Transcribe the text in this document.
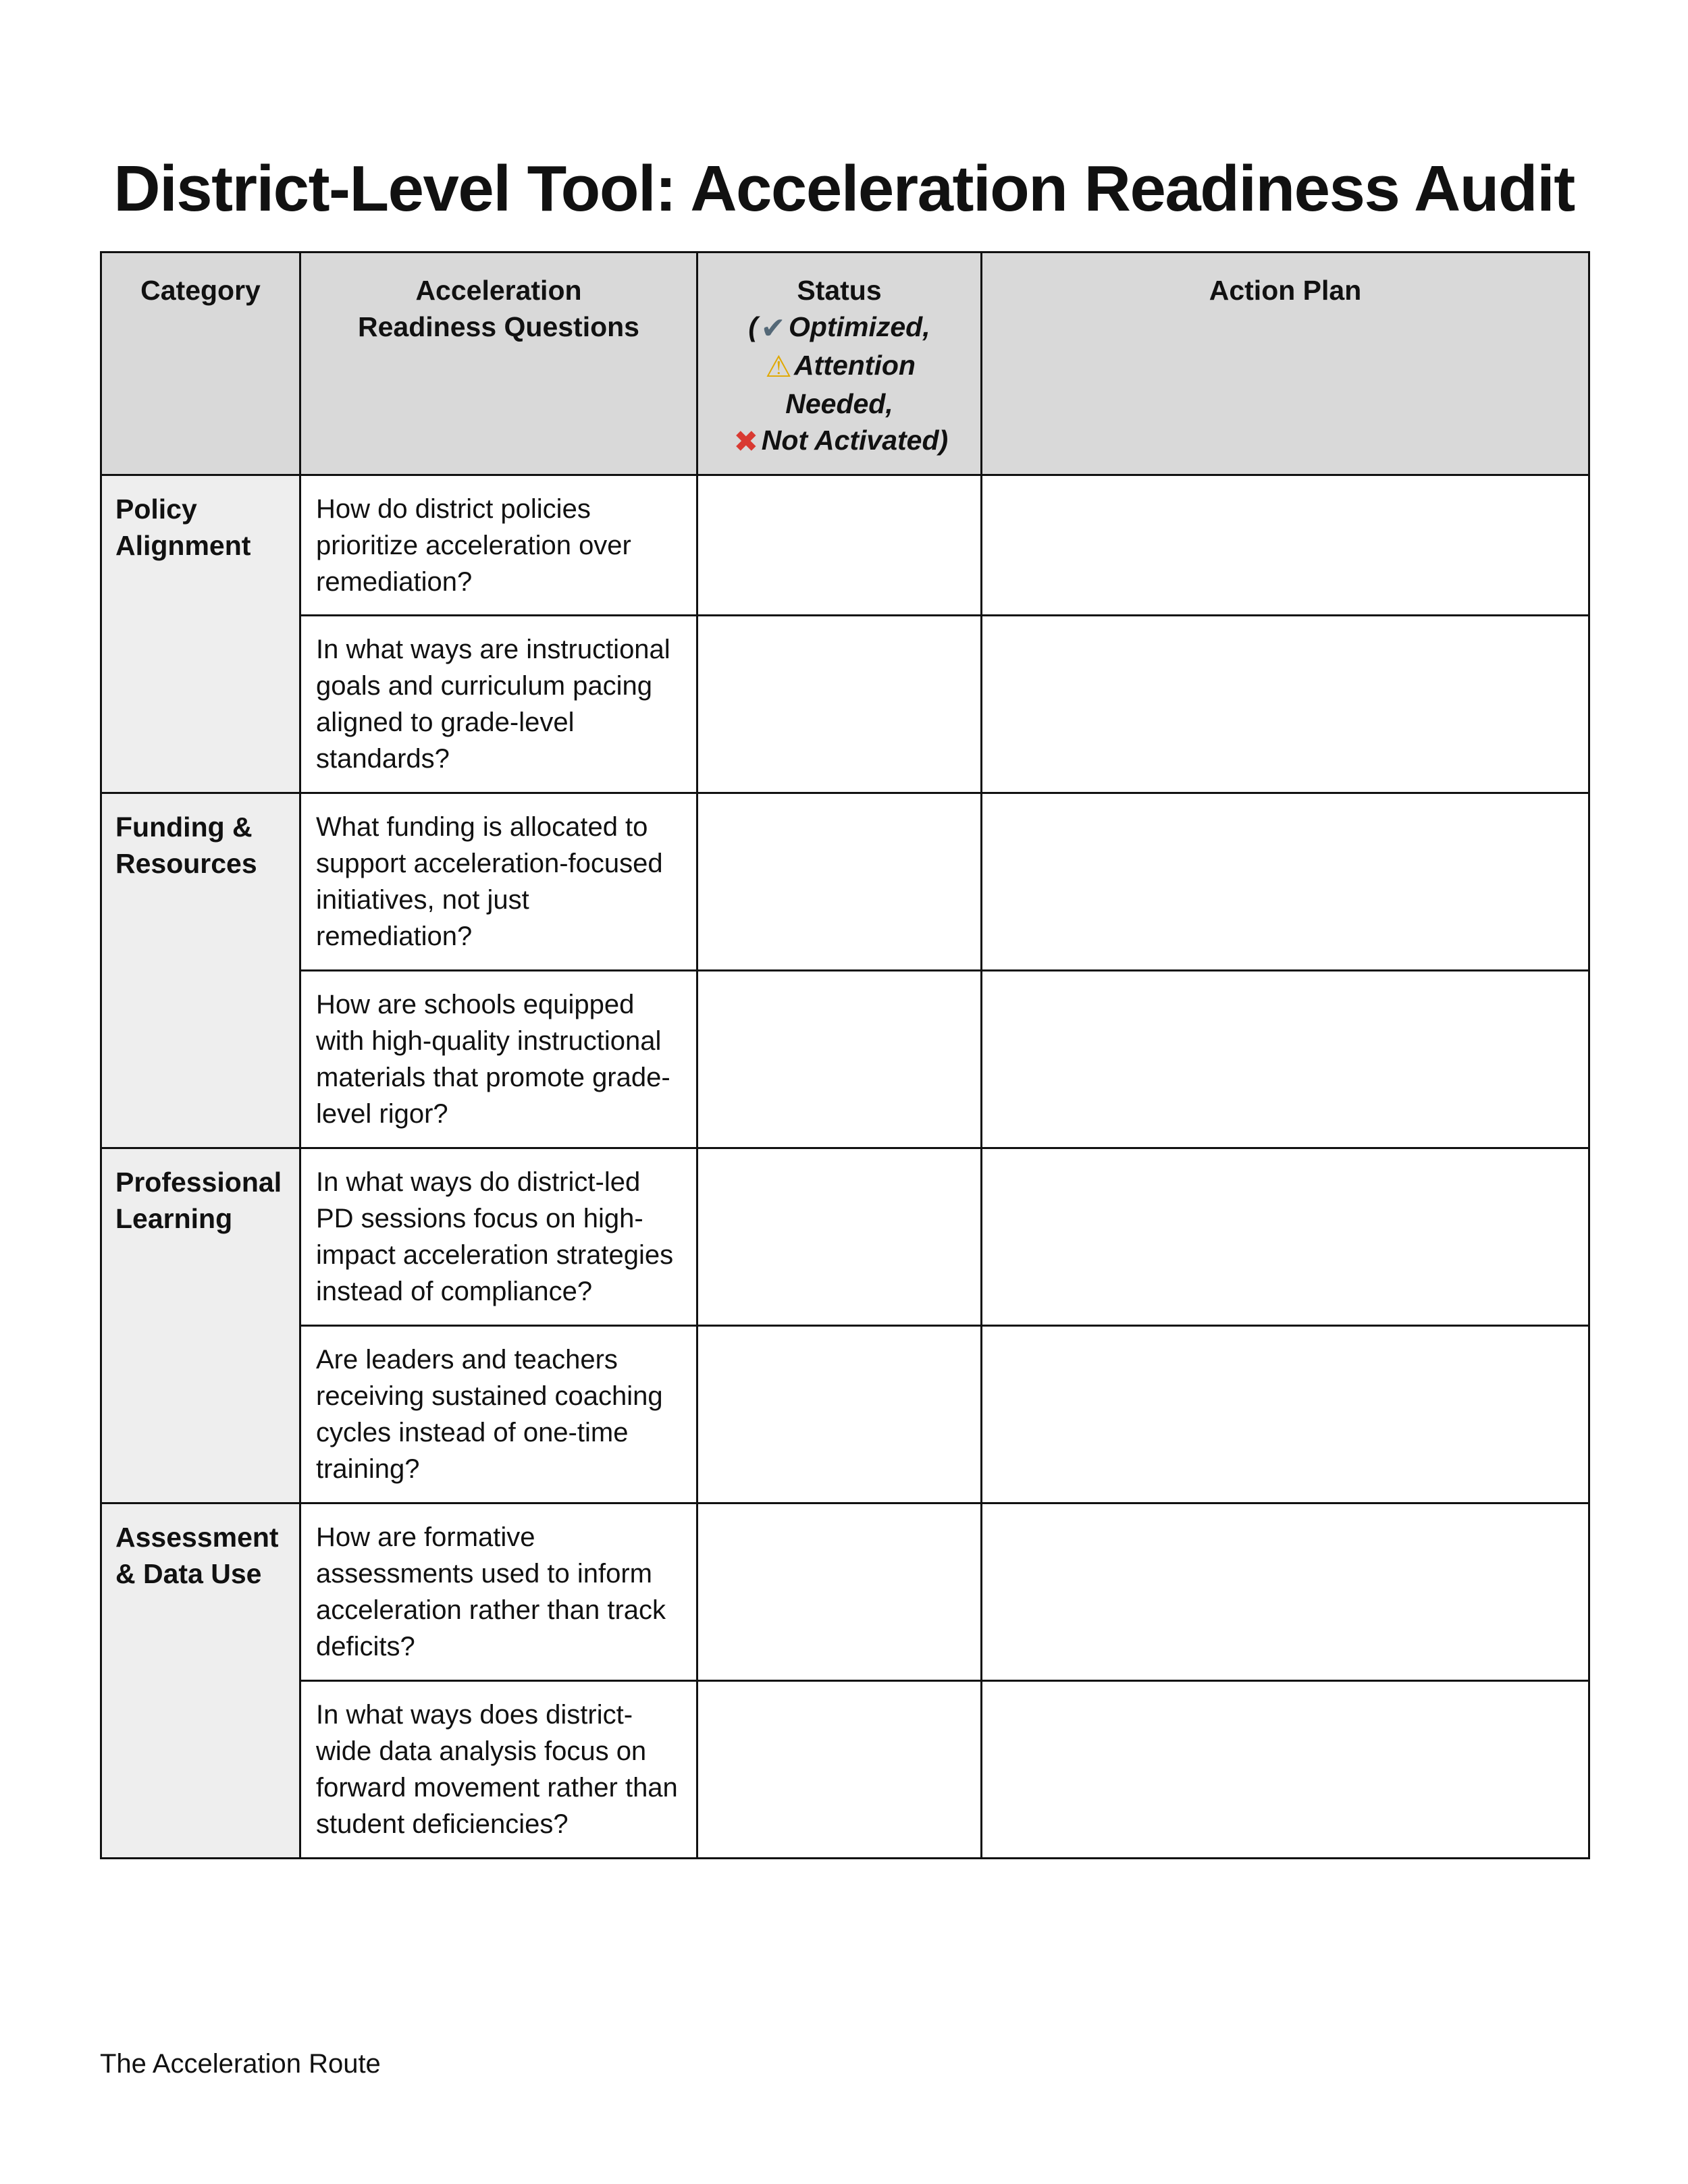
District-Level Tool: Acceleration Readiness Audit
Category	Acceleration Readiness Questions	Status
( ✔ Optimized,
⚠Attention Needed,
✖ Not Activated)	Action Plan
Policy Alignment	How do district policies prioritize acceleration over remediation?		
	In what ways are instructional goals and curriculum pacing aligned to grade-level standards?		
Funding & Resources	What funding is allocated to support acceleration-focused initiatives, not just remediation?		
	How are schools equipped with high-quality instructional materials that promote grade-level rigor?		
Professional Learning	In what ways do district-led PD sessions focus on high-impact acceleration strategies instead of compliance?		
	Are leaders and teachers receiving sustained coaching cycles instead of one-time training?		
Assessment & Data Use	How are formative assessments used to inform acceleration rather than track deficits?		
	In what ways does district-wide data analysis focus on forward movement rather than student deficiencies?		

The Acceleration Route
